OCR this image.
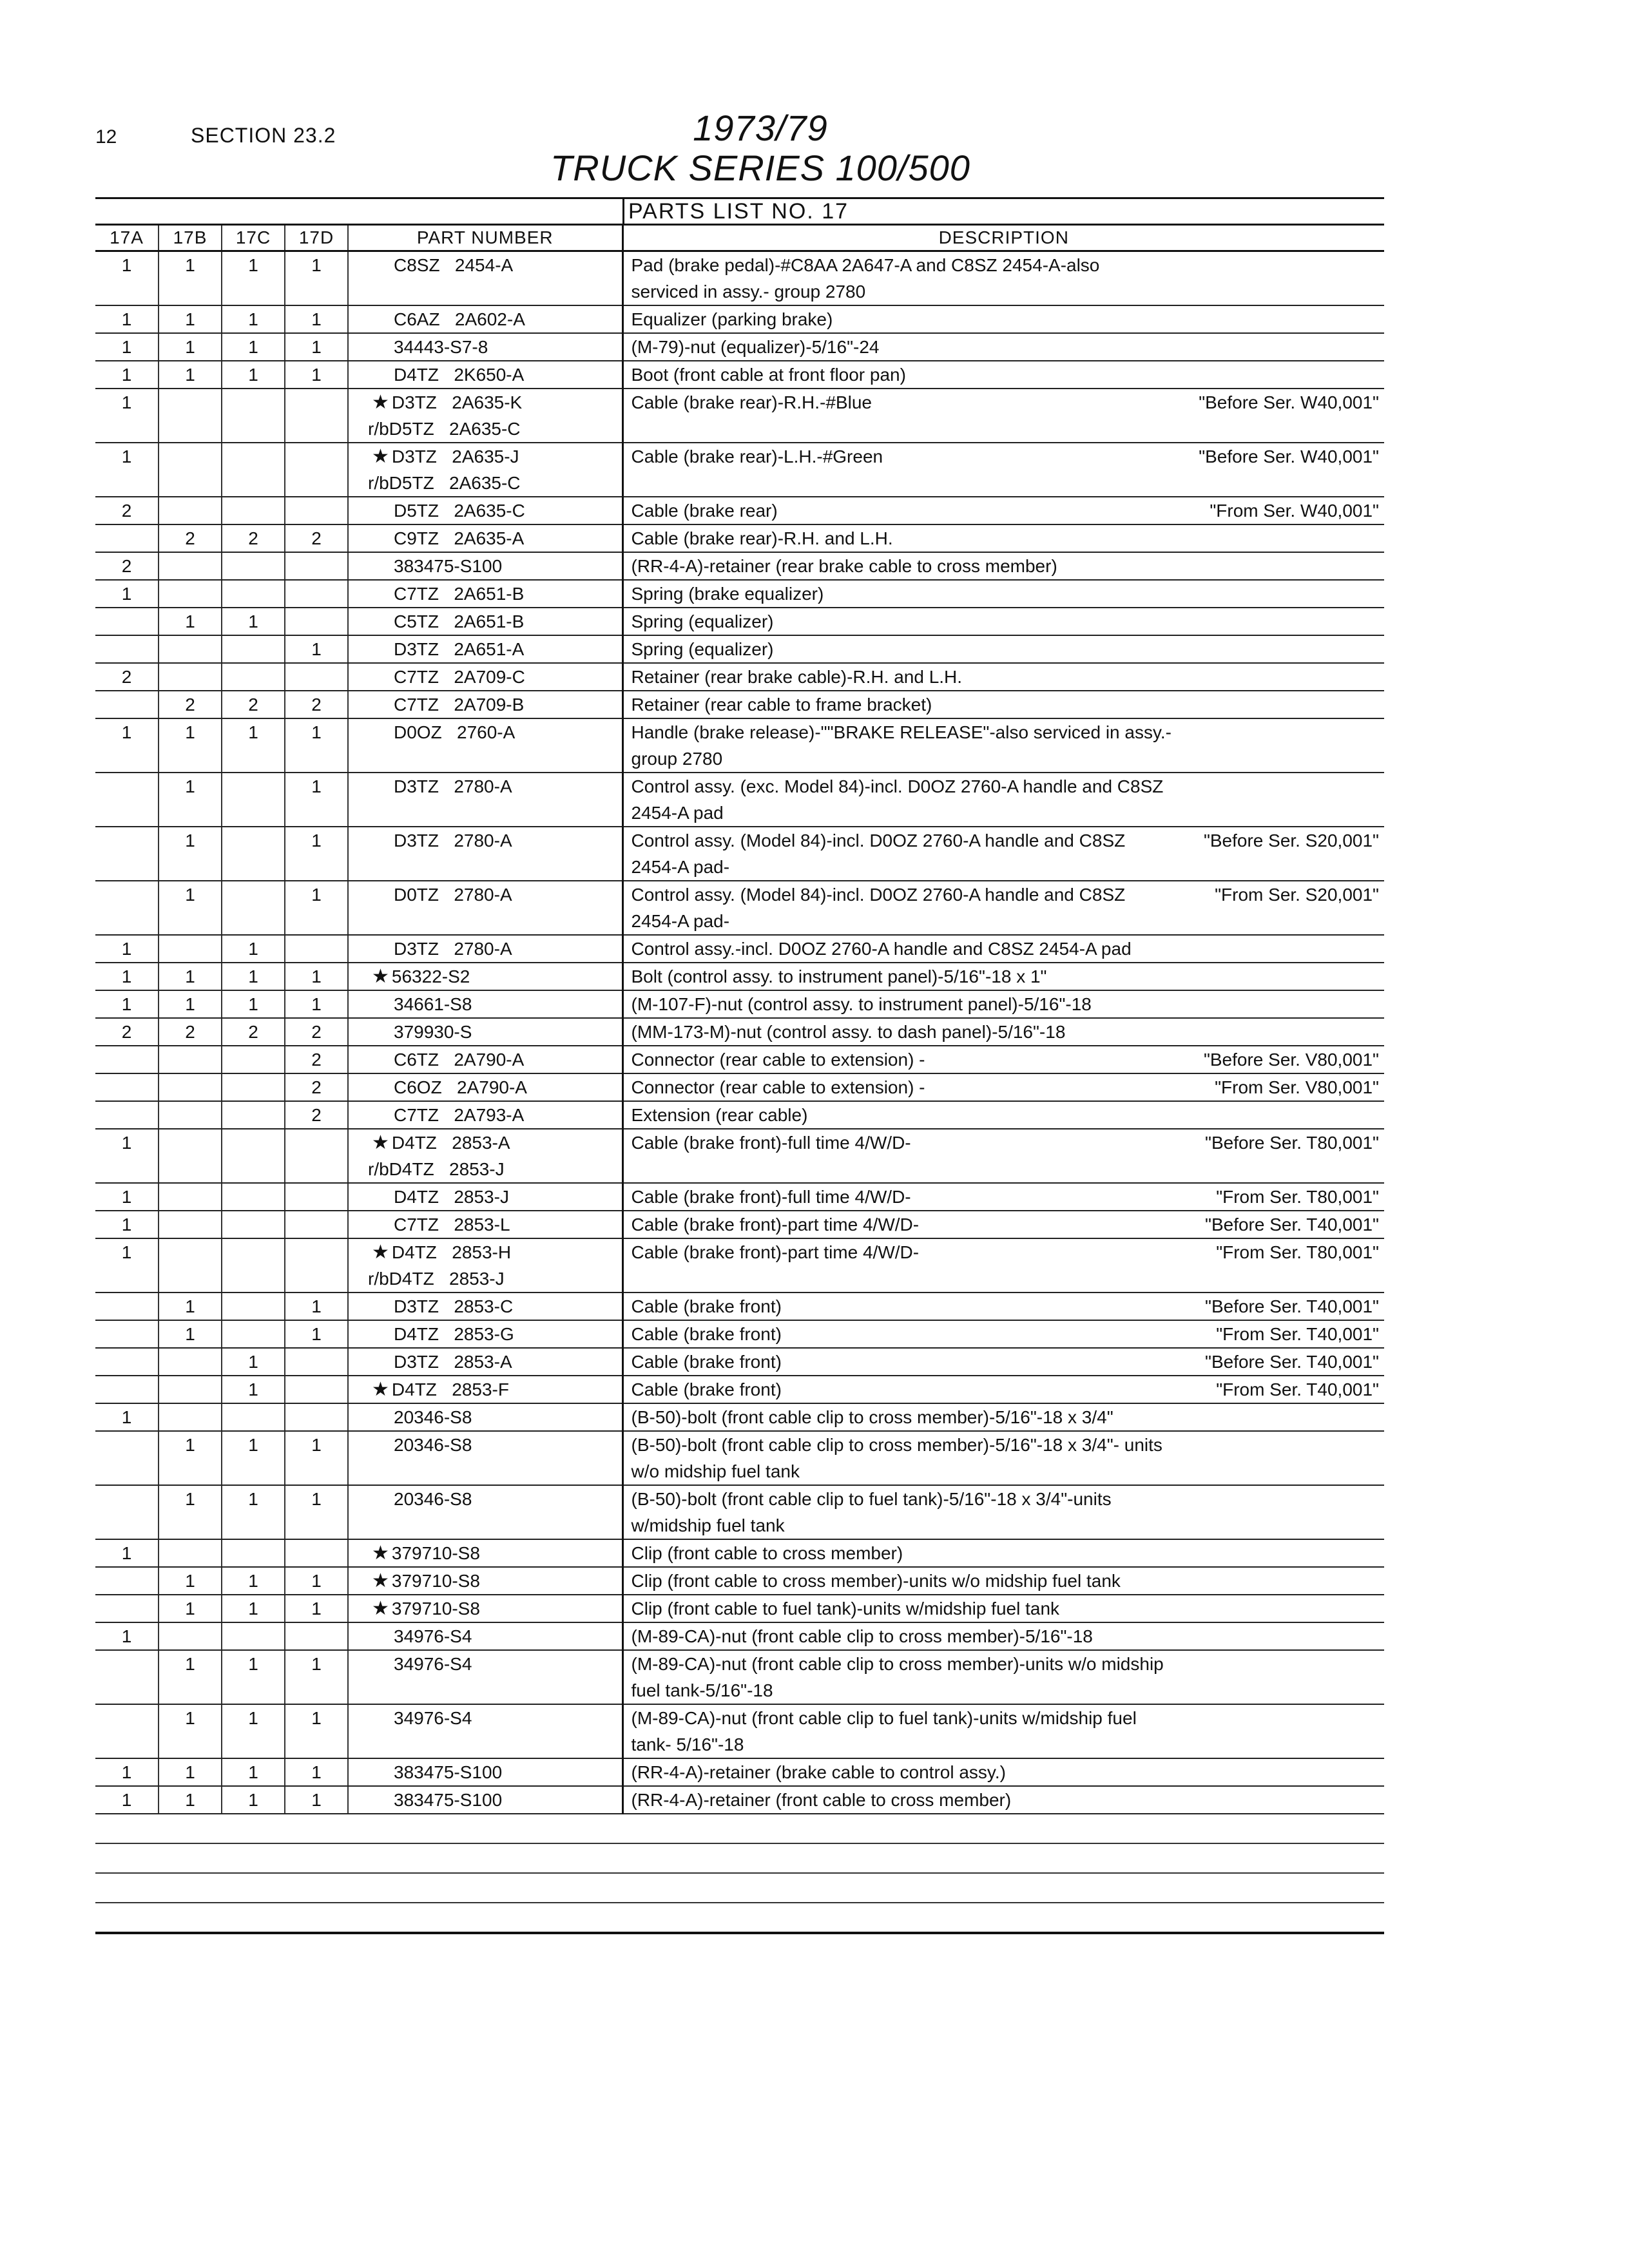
12	SECTION 23.2	1973/79
TRUCK SERIES 100/500
PARTS LIST NO. 17
17A	17B	17C	17D	PART NUMBER	DESCRIPTION
1	1	1	1	C8SZ   2454-A	Pad (brake pedal)-#C8AA 2A647-A and C8SZ 2454-A-also serviced in assy.- group 2780

1	1	1	1	C6AZ   2A602-A	Equalizer (parking brake)

1	1	1	1	34443-S7-8	(M-79)-nut (equalizer)-5/16"-24

1	1	1	1	D4TZ   2K650-A	Boot (front cable at front floor pan)

1				★ D3TZ   2A635-K
r/bD5TZ   2A635-C	Cable (brake rear)-R.H.-#Blue "Before Ser. W40,001"

1				★ D3TZ   2A635-J
r/bD5TZ   2A635-C	Cable (brake rear)-L.H.-#Green "Before Ser. W40,001"

2				D5TZ   2A635-C	Cable (brake rear) "From Ser. W40,001"

	2	2	2	C9TZ   2A635-A	Cable (brake rear)-R.H. and L.H.

2				383475-S100	(RR-4-A)-retainer (rear brake cable to cross member)

1				C7TZ   2A651-B	Spring (brake equalizer)

	1	1		C5TZ   2A651-B	Spring (equalizer)

			1	D3TZ   2A651-A	Spring (equalizer)

2				C7TZ   2A709-C	Retainer (rear brake cable)-R.H. and L.H.

	2	2	2	C7TZ   2A709-B	Retainer (rear cable to frame bracket)

1	1	1	1	D0OZ   2760-A	Handle (brake release)-""BRAKE RELEASE"-also serviced in assy.- group 2780

	1		1	D3TZ   2780-A	Control assy. (exc. Model 84)-incl. D0OZ 2760-A handle and C8SZ 2454-A pad

	1		1	D3TZ   2780-A	Control assy. (Model 84)-incl. D0OZ 2760-A handle and C8SZ 2454-A pad-
"Before Ser. S20,001"

	1		1	D0TZ   2780-A	Control assy. (Model 84)-incl. D0OZ 2760-A handle and C8SZ 2454-A pad-
"From Ser. S20,001"

1		1		D3TZ   2780-A	Control assy.-incl. D0OZ 2760-A handle and C8SZ 2454-A pad

1	1	1	1	★ 56322-S2	Bolt (control assy. to instrument panel)-5/16"-18 x 1"

1	1	1	1	34661-S8	(M-107-F)-nut (control assy. to instrument panel)-5/16"-18

2	2	2	2	379930-S	(MM-173-M)-nut (control assy. to dash panel)-5/16"-18

			2	C6TZ   2A790-A	Connector (rear cable to extension) - "Before Ser. V80,001"

			2	C6OZ   2A790-A	Connector (rear cable to extension) - "From Ser. V80,001"

			2	C7TZ   2A793-A	Extension (rear cable)

1				★ D4TZ   2853-A
r/bD4TZ   2853-J	Cable (brake front)-full time 4/W/D- "Before Ser. T80,001"

1				D4TZ   2853-J	Cable (brake front)-full time 4/W/D- "From Ser. T80,001"

1				C7TZ   2853-L	Cable (brake front)-part time 4/W/D- "Before Ser. T40,001"

1				★ D4TZ   2853-H
r/bD4TZ   2853-J	Cable (brake front)-part time 4/W/D- "From Ser. T80,001"

	1		1	D3TZ   2853-C	Cable (brake front) "Before Ser. T40,001"

	1		1	D4TZ   2853-G	Cable (brake front) "From Ser. T40,001"

		1		D3TZ   2853-A	Cable (brake front) "Before Ser. T40,001"

		1		★ D4TZ   2853-F	Cable (brake front) "From Ser. T40,001"

1				20346-S8	(B-50)-bolt (front cable clip to cross member)-5/16"-18 x 3/4"

	1	1	1	20346-S8	(B-50)-bolt (front cable clip to cross member)-5/16"-18 x 3/4"- units w/o midship fuel tank

	1	1	1	20346-S8	(B-50)-bolt (front cable clip to fuel tank)-5/16"-18 x 3/4"-units w/midship fuel tank

1				★ 379710-S8	Clip (front cable to cross member)

	1	1	1	★ 379710-S8	Clip (front cable to cross member)-units w/o midship fuel tank

	1	1	1	★ 379710-S8	Clip (front cable to fuel tank)-units w/midship fuel tank

1				34976-S4	(M-89-CA)-nut (front cable clip to cross member)-5/16"-18

	1	1	1	34976-S4	(M-89-CA)-nut (front cable clip to cross member)-units w/o midship fuel tank-5/16"-18

	1	1	1	34976-S4	(M-89-CA)-nut (front cable clip to fuel tank)-units w/midship fuel tank- 5/16"-18

1	1	1	1	383475-S100	(RR-4-A)-retainer (brake cable to control assy.)

1	1	1	1	383475-S100	(RR-4-A)-retainer (front cable to cross member)
